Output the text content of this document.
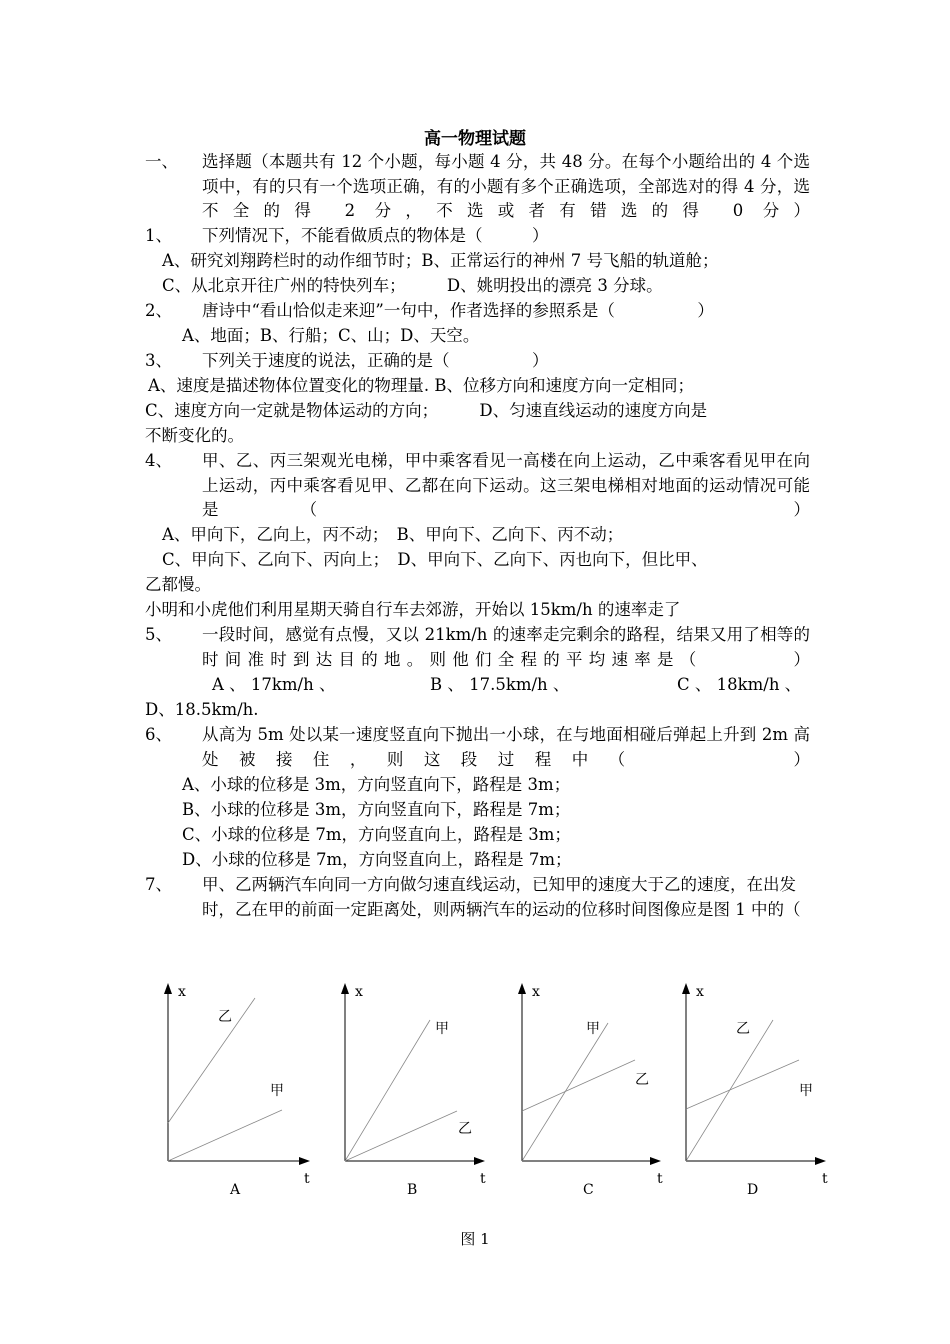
高一物理试题
一、 选择题（本题共有 12 个小题，每小题 4 分，共 48 分。在每个小题给出的 4 个选项中，有的只有一个选项正确，有的小题有多个正确选项，全部选对的得 4 分，选不全的得 2 分，不选或者有错选的得 0 分）
1、 下列情况下，不能看做质点的物体是（　　　）
A、研究刘翔跨栏时的动作细节时；B、正常运行的神州 7 号飞船的轨道舱；
C、从北京开往广州的特快列车；　　　D、姚明投出的漂亮 3 分球。
2、 唐诗中“看山恰似走来迎”一句中，作者选择的参照系是（　　　　　）
A、地面；B、行船；C、山；D、天空。
3、 下列关于速度的说法，正确的是（　　　　　）
A、速度是描述物体位置变化的物理量. B、位移方向和速度方向一定相同；
C、速度方向一定就是物体运动的方向；　　　D、匀速直线运动的速度方向是
不断变化的。
4、 甲、乙、丙三架观光电梯，甲中乘客看见一高楼在向上运动，乙中乘客看见甲在向上运动，丙中乘客看见甲、乙都在向下运动。这三架电梯相对地面的运动情况可能是（　　　　）
A、甲向下，乙向上，丙不动；　B、甲向下、乙向下、丙不动；
C、甲向下、乙向下、丙向上；　D、甲向下、乙向下、丙也向下，但比甲、
乙都慢。
小明和小虎他们利用星期天骑自行车去郊游，开始以 15km/h 的速率走了
5、 一段时间，感觉有点慢，又以 21km/h 的速率走完剩余的路程，结果又用了相等的时间准时到达目的地。则他们全程的平均速率是（　　　　）
A 、 17km/h 、	B 、 17.5km/h 、	C 、 18km/h 、
D、18.5km/h.
6、 从高为 5m 处以某一速度竖直向下抛出一小球，在与地面相碰后弹起上升到 2m 高处被接住，则这段过程中（　　　　）
A、小球的位移是 3m，方向竖直向下，路程是 3m；
B、小球的位移是 3m，方向竖直向下，路程是 7m；
C、小球的位移是 7m，方向竖直向上，路程是 3m；
D、小球的位移是 7m，方向竖直向上，路程是 7m；
7、 甲、乙两辆汽车向同一方向做匀速直线运动，已知甲的速度大于乙的速度，在出发时，乙在甲的前面一定距离处，则两辆汽车的运动的位移时间图像应是图 1 中的（
x
t
乙
甲
A
x
t
甲
乙
B
x
t
甲
乙
C
x
t
乙
甲
D
图 1
